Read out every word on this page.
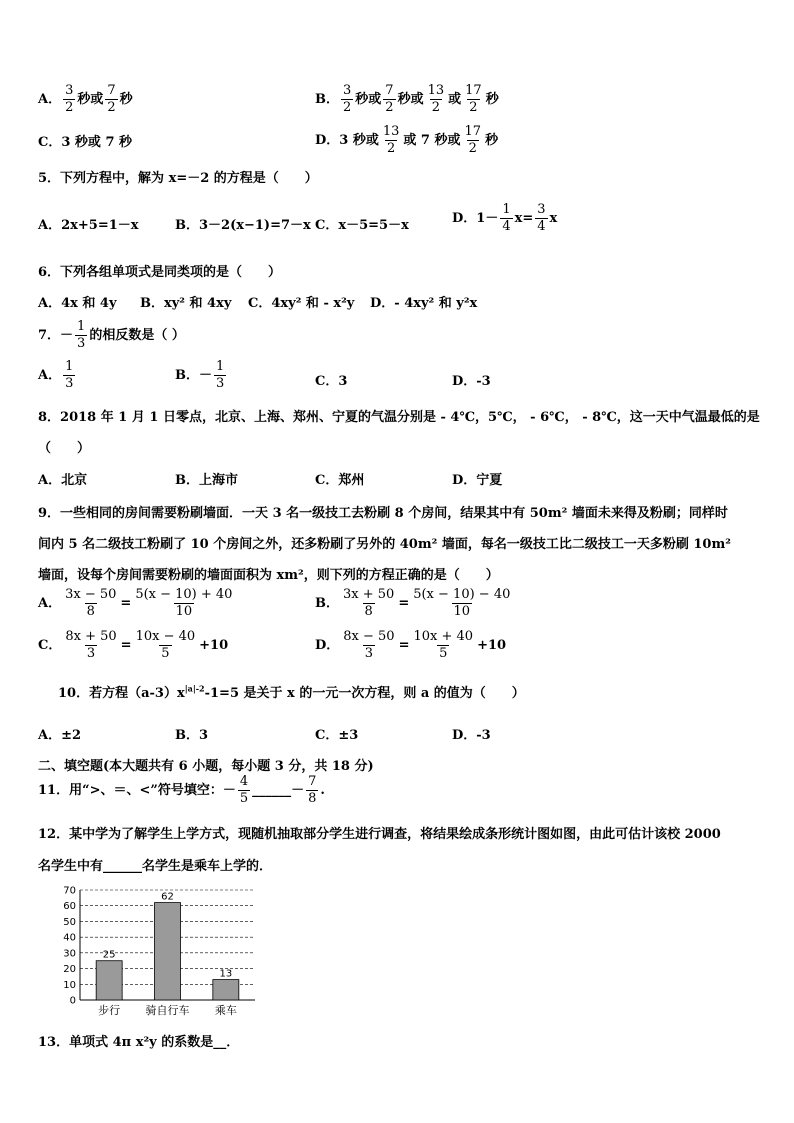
A． $\frac{3}{2}$ 秒或 $\frac{7}{2}$ 秒	B． $\frac{3}{2}$ 秒或 $\frac{7}{2}$ 秒或 $\frac{13}{2}$ 或 $\frac{17}{2}$ 秒
C．3 秒或 7 秒	D．3 秒或 $\frac{13}{2}$ 或 7 秒或 $\frac{17}{2}$ 秒
5．下列方程中，解为 x=－2 的方程是（　　）
A．2x+5=1－x	B．3－2(x−1)=7－x C．x－5=5－x	D．$1- \frac{1}{4} x= \frac{3}{4}$ x
6．下列各组单项式是同类项的是（　　）
A．4x 和 4y B．xy² 和 4xy C．4xy² 和 - x²y D．- 4xy² 和 y²x
7．－ $\frac{1}{3}$ 的相反数是（ ）
A． $\frac{1}{3}$	B．－ $\frac{1}{3}$	C．3	D．-3
8．2018 年 1 月 1 日零点，北京、上海、郑州、宁夏的气温分别是 - 4℃，5℃， - 6℃， - 8℃，这一天中气温最低的是
（　　）
A．北京	B．上海市	C．郑州	D．宁夏
9．一些相同的房间需要粉刷墙面．一天 3 名一级技工去粉刷 8 个房间，结果其中有 50m² 墙面未来得及粉刷；同样时
间内 5 名二级技工粉刷了 10 个房间之外，还多粉刷了另外的 40m² 墙面，每名一级技工比二级技工一天多粉刷 10m²
墙面，设每个房间需要粉刷的墙面面积为 xm²，则下列的方程正确的是（　　）
A． $\frac{3x - 50}{8} = \frac{5(x - 10) + 40}{10}$	B． $\frac{3x + 50}{8} = \frac{5(x - 10) - 40}{10}$
C． $\frac{8x + 50}{3} = \frac{10x - 40}{5} +10$	D． $\frac{8x - 50}{3} = \frac{10x + 40}{5} +10$
10．若方程$(a-3)x^{|a|-2}-1=5$ 是关于 x 的一元一次方程，则 a 的值为（　　）
A．±2	B．3	C．±3	D．-3
二、填空题(本大题共有 6 小题，每小题 3 分，共 18 分)
11．用“>、＝、<”符号填空：－ $\frac{4}{5}$ ______－ $\frac{7}{8}$ .
12．某中学为了解学生上学方式，现随机抽取部分学生进行调查，将结果绘成条形统计图如图，由此可估计该校 2000
名学生中有______名学生是乘车上学的．
0
10
20
30
40
50
60
70
25
步行
62
骑自行车
13
乘车
13．单项式 4π x²y 的系数是__．
